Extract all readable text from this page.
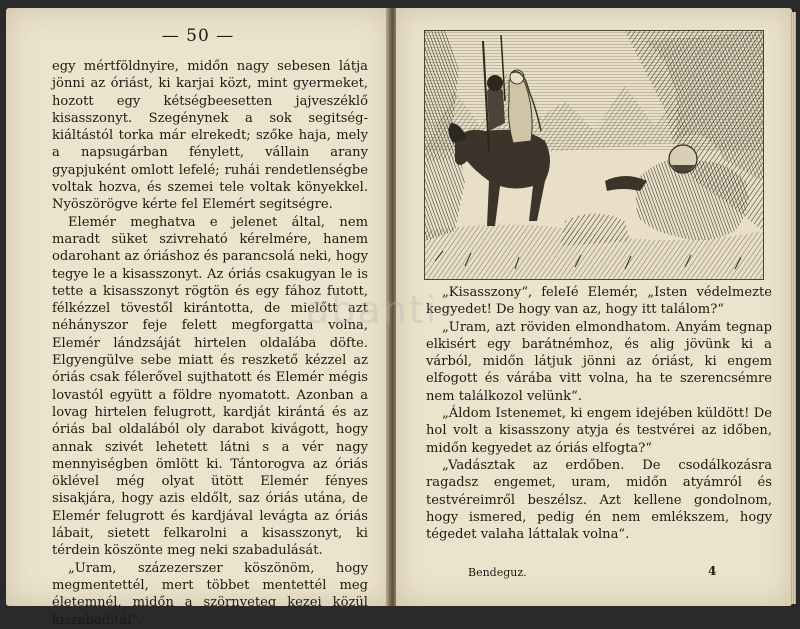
— 50 —

egy mértföldnyire, midőn nagy sebesen látja jönni az óriást, ki karjai közt, mint gyermeket, hozott egy kétségbeesetten jajveszéklő kisasszonyt. Szegénynek a sok segitség-kiáltástól torka már elrekedt; szőke haja, mely a napsugárban fénylett, vállain arany gyapjuként omlott lefelé; ruhái rendetlenségbe voltak hozva, és szemei tele voltak könyekkel. Nyöszörögve kérte fel Elemért segitségre.

Elemér meghatva e jelenet által, nem maradt süket szivreható kérelmére, hanem odarohant az óriáshoz és parancsolá neki, hogy tegye le a kisasszonyt. Az óriás csakugyan le is tette a kisasszonyt rögtön és egy fához futott, félkézzel tövestől kirántotta, de mielőtt azt néhányszor feje felett megforgatta volna, Elemér lándzsáját hirtelen oldalába döfte. Elgyengülve sebe miatt és reszkető kézzel az óriás csak félerővel sujthatott és Elemér mégis lovastól együtt a földre nyomatott. Azonban a lovag hirtelen felugrott, kardját kirántá és az óriás bal oldalából oly darabot kivágott, hogy annak szivét lehetett látni s a vér nagy mennyiségben ömlött ki. Tántorogva az óriás öklével még olyat ütött Elemér fényes sisakjára, hogy azis eldőlt, saz óriás utána, de Elemér felugrott és kardjával levágta az óriás lábait, sietett felkarolni a kisasszonyt, ki térdein köszönte meg neki szabadulását.

„Uram, százezerszer köszönöm, hogy megmentettél, mert többet mentettél meg életemnél, midőn a szörnyeteg kezei közül kiszabaditál“.

„Kisasszony“, feleIé Elemér, „Isten védelmezte kegyedet! De hogy van az, hogy itt találom?“

„Uram, azt röviden elmondhatom. Anyám tegnap elkisért egy barátnémhoz, és alig jövünk ki a várból, midőn látjuk jönni az óriást, ki engem elfogott és várába vitt volna, ha te szerencsémre nem találkozol velünk“.

„Áldom Istenemet, ki engem idejében küldött! De hol volt a kisasszony atyja és testvérei az időben, midőn kegyedet az óriás elfogta?“

„Vadásztak az erdőben. De csodálkozásra ragadsz engemet, uram, midőn atyámról és testvéreimről beszélsz. Azt kellene gondolnom, hogy ismered, pedig én nem emlékszem, hogy tégedet valaha láttalak volna“.

Bendeguz.	4
abanti
